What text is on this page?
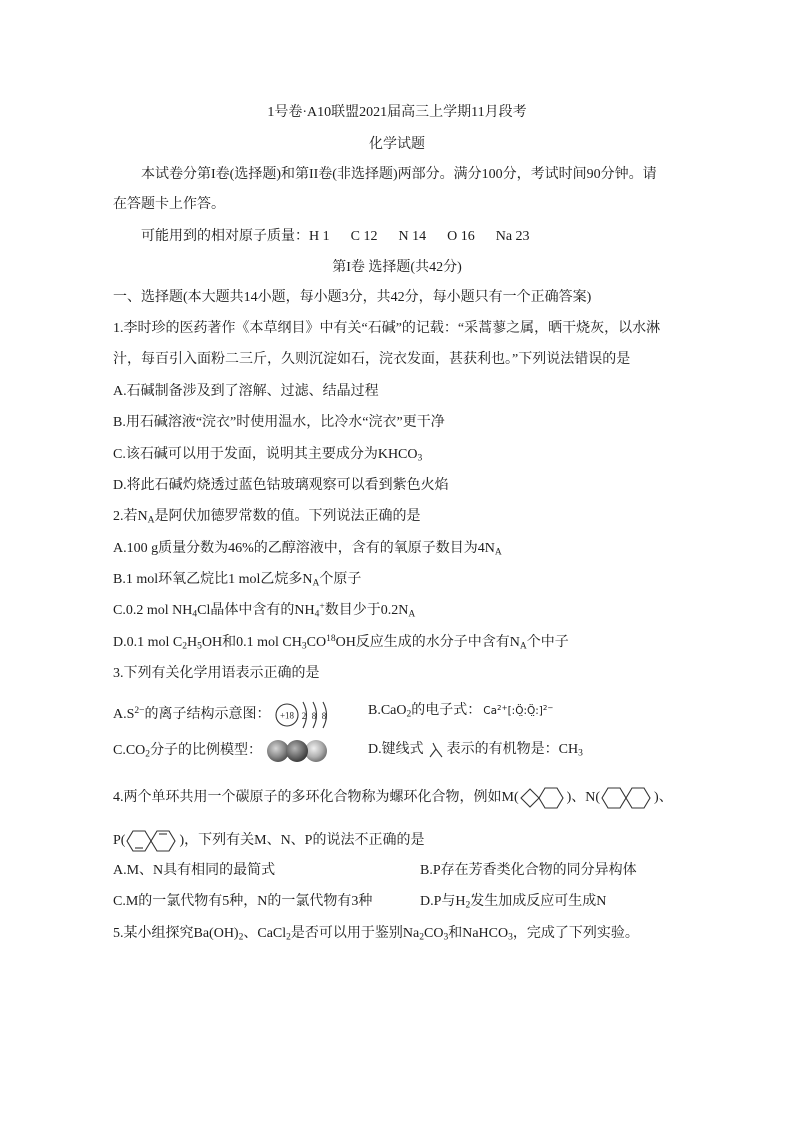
1号卷·A10联盟2021届高三上学期11月段考
化学试题
本试卷分第I卷(选择题)和第II卷(非选择题)两部分。满分100分，考试时间90分钟。请
在答题卡上作答。
可能用到的相对原子质量：H 1 C 12 N 14 O 16 Na 23
第I卷 选择题(共42分)
一、选择题(本大题共14小题，每小题3分，共42分，每小题只有一个正确答案)
1.李时珍的医药著作《本草纲目》中有关“石碱”的记载：“采蒿蓼之属，晒干烧灰，以水淋
汁，每百引入面粉二三斤，久则沉淀如石，浣衣发面，甚获利也。”下列说法错误的是
A.石碱制备涉及到了溶解、过滤、结晶过程
B.用石碱溶液“浣衣”时使用温水，比冷水“浣衣”更干净
C.该石碱可以用于发面，说明其主要成分为$KHCO_3$
D.将此石碱灼烧透过蓝色钴玻璃观察可以看到紫色火焰
2.若$N_A$是阿伏加德罗常数的值。下列说法正确的是
A.100 g质量分数为46%的乙醇溶液中，含有的氧原子数目为$4N_A$
B.1 mol环氧乙烷比1 mol乙烷多$N_A$个原子
C.0.2 mol $NH_4Cl$晶体中含有的$NH_4^+$数目少于$0.2N_A$
D.0.1 mol $C_2H_5OH$和0.1 mol $CH_3CO^{18}OH$反应生成的水分子中含有$N_A$个中子
3.下列有关化学用语表示正确的是
$A.S^{2-}$的离子结构示意图： +18 2 8 8	B.CaO$_2$的电子式： $Ca^{2+}[:Ö̤:Ö̤:]^{2-}$
$C.CO_2$分子的比例模型：	D.键线式 表示的有机物是：$CH_3$
4.两个单环共用一个碳原子的多环化合物称为螺环化合物，例如M(	)、N(	)、
P(	)，下列有关M、N、P的说法不正确的是
A.M、N具有相同的最简式	B.P存在芳香类化合物的同分异构体
C.M的一氯代物有5种，N的一氯代物有3种	D.P与$H_2$发生加成反应可生成N
5.某小组探究$Ba(OH)_2$、CaCl$_2$是否可以用于鉴别$Na_2CO_3$和NaHCO$_3$，完成了下列实验。
